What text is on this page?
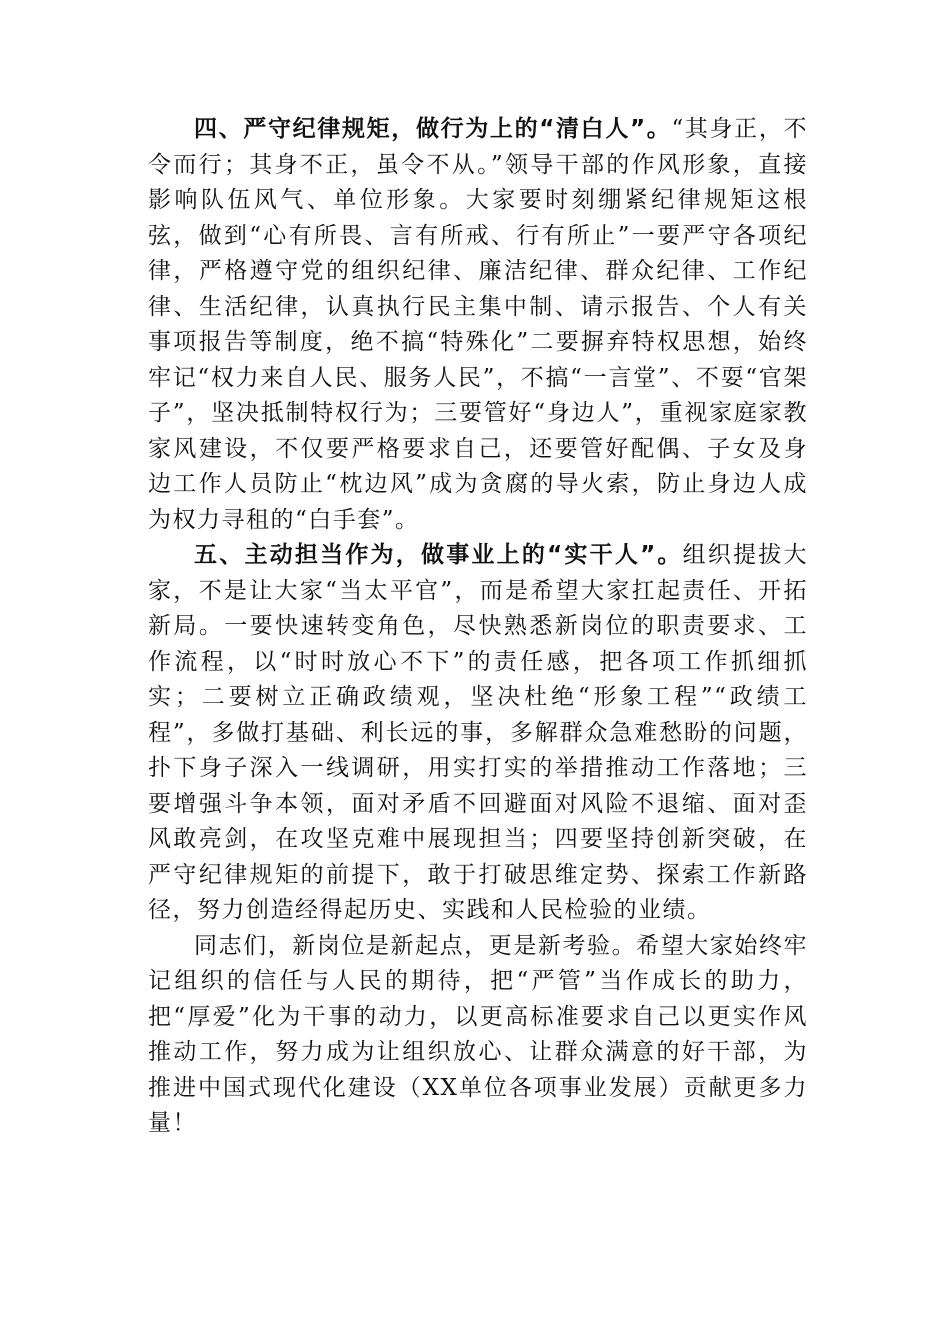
四、严守纪律规矩，做行为上的“清白人”。“其身正，不令而行；其身不正，虽令不从。”领导干部的作风形象，直接影响队伍风气、单位形象。大家要时刻绷紧纪律规矩这根弦，做到“心有所畏、言有所戒、行有所止”一要严守各项纪律，严格遵守党的组织纪律、廉洁纪律、群众纪律、工作纪律、生活纪律，认真执行民主集中制、请示报告、个人有关事项报告等制度，绝不搞“特殊化”二要摒弃特权思想，始终牢记“权力来自人民、服务人民”，不搞“一言堂”、不耍“官架子”，坚决抵制特权行为；三要管好“身边人”，重视家庭家教家风建设，不仅要严格要求自己，还要管好配偶、子女及身边工作人员防止“枕边风”成为贪腐的导火索，防止身边人成为权力寻租的“白手套”。

五、主动担当作为，做事业上的“实干人”。组织提拔大家，不是让大家“当太平官”，而是希望大家扛起责任、开拓新局。一要快速转变角色，尽快熟悉新岗位的职责要求、工作流程，以“时时放心不下”的责任感，把各项工作抓细抓实；二要树立正确政绩观，坚决杜绝“形象工程”“政绩工程”，多做打基础、利长远的事，多解群众急难愁盼的问题，扑下身子深入一线调研，用实打实的举措推动工作落地；三要增强斗争本领，面对矛盾不回避面对风险不退缩、面对歪风敢亮剑，在攻坚克难中展现担当；四要坚持创新突破，在严守纪律规矩的前提下，敢于打破思维定势、探索工作新路径，努力创造经得起历史、实践和人民检验的业绩。

同志们，新岗位是新起点，更是新考验。希望大家始终牢记组织的信任与人民的期待，把“严管”当作成长的助力，把“厚爱”化为干事的动力，以更高标准要求自己以更实作风推动工作，努力成为让组织放心、让群众满意的好干部，为推进中国式现代化建设（XX单位各项事业发展）贡献更多力量！
